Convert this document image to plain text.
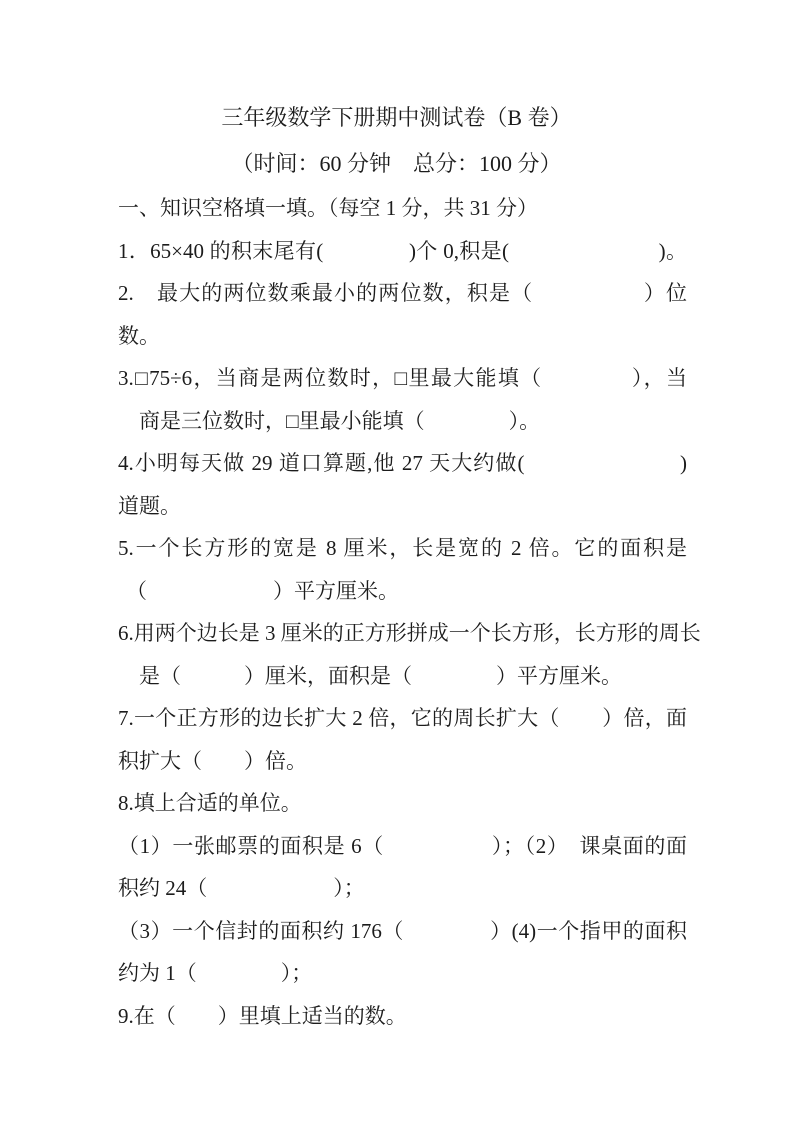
三年级数学下册期中测试卷（B 卷）
（时间：60 分钟　总分：100 分）
一、知识空格填一填。（每空 1 分，共 31 分）
1．65×40 的积末尾有(　　　　)个 0,积是(　　　　　　　)。
2.　最大的两位数乘最小的两位数，积是（　　　　　）位
数。
3.□75÷6，当商是两位数时，□里最大能填（　　　　），当
商是三位数时，□里最小能填（　　　　）。
4.小明每天做 29 道口算题,他 27 天大约做(　　　　　　　)
道题。
5.一个长方形的宽是 8 厘米，长是宽的 2 倍。它的面积是
（　　　　　　）平方厘米。
6.用两个边长是 3 厘米的正方形拼成一个长方形，长方形的周长
是（　　　）厘米，面积是（　　　　）平方厘米。
7.一个正方形的边长扩大 2 倍，它的周长扩大（　　）倍，面
积扩大（　　）倍。
8.填上合适的单位。
（1）一张邮票的面积是 6（　　　　　）；（2）　课桌面的面
积约 24（　　　　　　）；
（3）一个信封的面积约 176（　　　　）(4)一个指甲的面积
约为 1（　　　　）；
9.在（　　）里填上适当的数。
